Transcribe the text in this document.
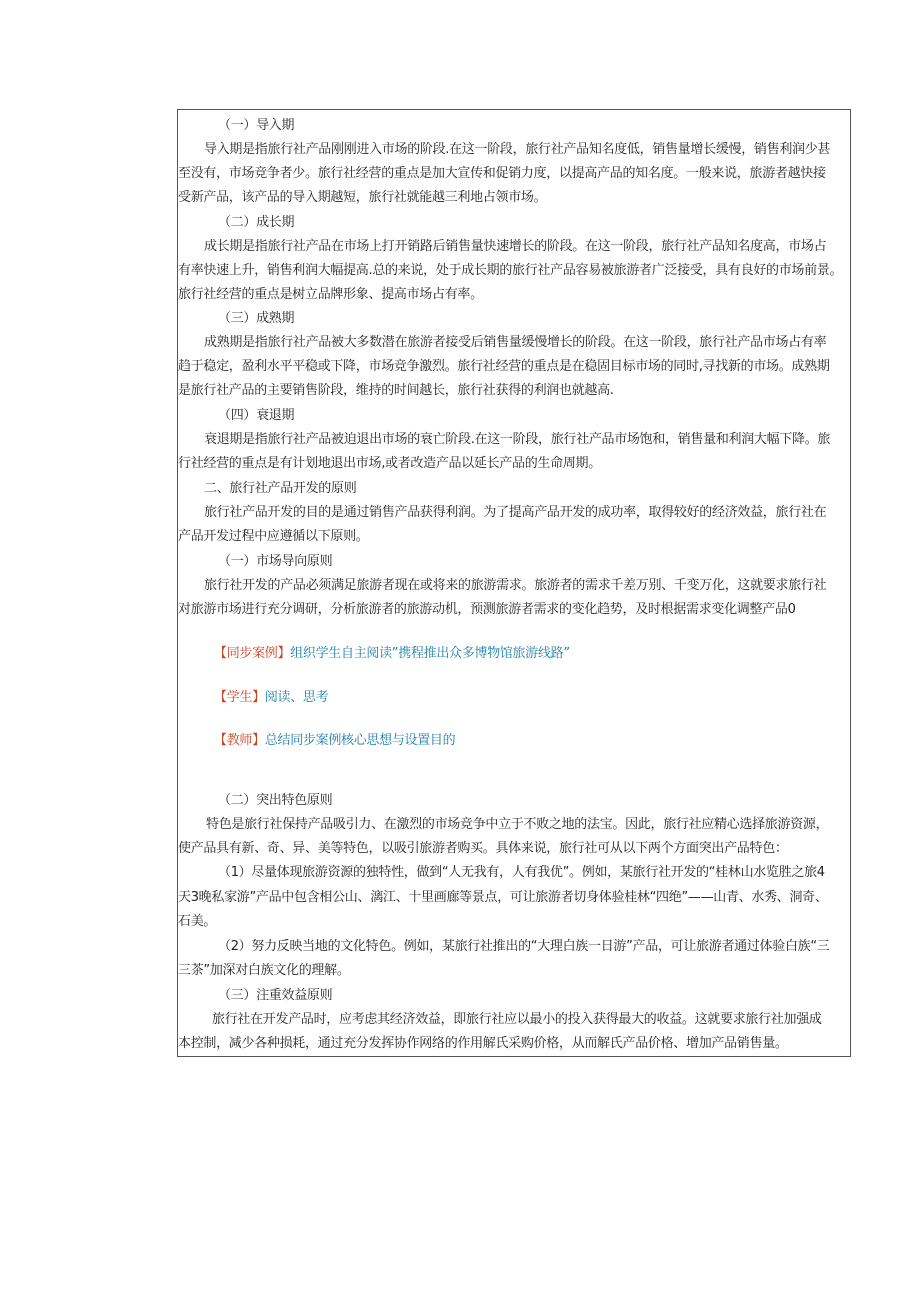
（一）导入期
导入期是指旅行社产品刚刚进入市场的阶段.在这一阶段，旅行社产品知名度低，销售量增长缓慢，销售利润少甚
至没有，市场竞争者少。旅行社经营的重点是加大宣传和促销力度，以提高产品的知名度。一般来说，旅游者越快接
受新产品，该产品的导入期越短，旅行社就能越三利地占领市场。
（二）成长期
成长期是指旅行社产品在市场上打开销路后销售量快速增长的阶段。在这一阶段，旅行社产品知名度高，市场占
有率快速上升，销售利润大幅提高.总的来说，处于成长期的旅行社产品容易被旅游者广泛接受，具有良好的市场前景。
旅行社经营的重点是树立品牌形象、提高市场占有率。
（三）成熟期
成熟期是指旅行社产品被大多数潜在旅游者接受后销售量缓慢增长的阶段。在这一阶段，旅行社产品市场占有率
趋于稳定，盈利水平平稳或下降，市场竞争激烈。旅行社经营的重点是在稳固目标市场的同时,寻找新的市场。成熟期
是旅行社产品的主要销售阶段，维持的时间越长，旅行社获得的利润也就越高.
（四）衰退期
衰退期是指旅行社产品被迫退出市场的衰亡阶段.在这一阶段，旅行社产品市场饱和，销售量和利润大幅下降。旅
行社经营的重点是有计划地退出市场,或者改造产品以延长产品的生命周期。
二、旅行社产品开发的原则
旅行社产品开发的目的是通过销售产品获得利润。为了提高产品开发的成功率，取得较好的经济效益，旅行社在
产品开发过程中应遵循以下原则。
（一）市场导向原则
旅行社开发的产品必须满足旅游者现在或将来的旅游需求。旅游者的需求千差万别、千变万化，这就要求旅行社
对旅游市场进行充分调研，分析旅游者的旅游动机，预测旅游者需求的变化趋势，及时根据需求变化调整产品0
【同步案例】组织学生自主阅读”携程推出众多博物馆旅游线路”
【学生】阅读、思考
【教师】总结同步案例核心思想与设置目的
（二）突出特色原则
特色是旅行社保持产品吸引力、在激烈的市场竞争中立于不败之地的法宝。因此，旅行社应精心选择旅游资源，
使产品具有新、奇、异、美等特色，以吸引旅游者购买。具体来说，旅行社可从以下两个方面突出产品特色：
（1）尽量体现旅游资源的独特性，做到“人无我有，人有我优”。例如，某旅行社开发的“桂林山水览胜之旅4
天3晚私家游”产品中包含相公山、漓江、十里画廊等景点，可让旅游者切身体验桂林“四绝”——山青、水秀、洞奇、
石美。
（2）努力反映当地的文化特色。例如，某旅行社推出的“大理白族一日游”产品，可让旅游者通过体验白族“三
三茶”加深对白族文化的理解。
（三）注重效益原则
旅行社在开发产品时，应考虑其经济效益，即旅行社应以最小的投入获得最大的收益。这就要求旅行社加强成
本控制，减少各种损耗，通过充分发挥协作网络的作用解氏采购价格，从而解氏产品价格、增加产品销售量。
